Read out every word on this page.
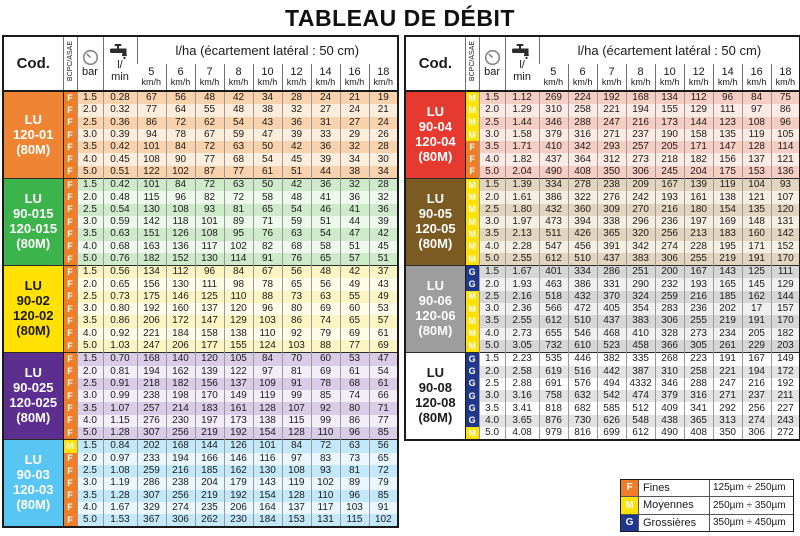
TABLEAU DE DÉBIT
Cod.	BCPC/ASAE	bar	l/
min	l/ha (écartement latéral : 50 cm)								

5
km/h

6
km/h

7
km/h

8
km/h

10
km/h

12
km/h

14
km/h

16
km/h

18
km/h

LU
120-01
(80M)	F	1.5	0.28	67	56	48	42	34	28	24	21	19
	F	2.0	0.32	77	64	55	48	38	32	27	24	21
	F	2.5	0.36	86	72	62	54	43	36	31	27	24
	F	3.0	0.39	94	78	67	59	47	39	33	29	26
	F	3.5	0.42	101	84	72	63	50	42	36	32	28
	F	4.0	0.45	108	90	77	68	54	45	39	34	30
	F	5.0	0.51	122	102	87	77	61	51	44	38	34
LU
90-015
120-015
(80M)	F	1.5	0.42	101	84	72	63	50	42	36	32	28
	F	2.0	0.48	115	96	82	72	58	48	41	36	32
	F	2.5	0.54	130	108	93	81	65	54	46	41	36
	F	3.0	0.59	142	118	101	89	71	59	51	44	39
	F	3.5	0.63	151	126	108	95	76	63	54	47	42
	F	4.0	0.68	163	136	117	102	82	68	58	51	45
	F	5.0	0.76	182	152	130	114	91	76	65	57	51
LU
90-02
120-02
(80M)	F	1.5	0.56	134	112	96	84	67	56	48	42	37
	F	2.0	0.65	156	130	111	98	78	65	56	49	43
	F	2.5	0.73	175	146	125	110	88	73	63	55	49
	F	3.0	0.80	192	160	137	120	96	80	69	60	53
	F	3.5	0.86	206	172	147	129	103	86	74	65	57
	F	4.0	0.92	221	184	158	138	110	92	79	69	61
	F	5.0	1.03	247	206	177	155	124	103	88	77	69
LU
90-025
120-025
(80M)	F	1.5	0.70	168	140	120	105	84	70	60	53	47
	F	2.0	0.81	194	162	139	122	97	81	69	61	54
	F	2.5	0.91	218	182	156	137	109	91	78	68	61
	F	3.0	0.99	238	198	170	149	119	99	85	74	66
	F	3.5	1.07	257	214	183	161	128	107	92	80	71
	F	4.0	1.15	276	230	197	173	138	115	99	86	77
	F	5.0	1.28	307	256	219	192	154	128	110	96	85
LU
90-03
120-03
(80M)	M	1.5	0.84	202	168	144	126	101	84	72	63	56
	F	2.0	0.97	233	194	166	146	116	97	83	73	65
	F	2.5	1.08	259	216	185	162	130	108	93	81	72
	F	3.0	1.19	286	238	204	179	143	119	102	89	79
	F	3.5	1.28	307	256	219	192	154	128	110	96	85
	F	4.0	1.67	329	274	235	206	164	137	117	103	91
	F	5.0	1.53	367	306	262	230	184	153	131	115	102
Cod.	BCPC/ASAE	bar	l/
min	l/ha (écartement latéral : 50 cm)								

5
km/h

6
km/h

7
km/h

8
km/h

10
km/h

12
km/h

14
km/h

16
km/h

18
km/h

LU
90-04
120-04
(80M)	M	1.5	1.12	269	224	192	168	134	112	96	84	75
	M	2.0	1.29	310	258	221	194	155	129	111	97	86
	M	2.5	1.44	346	288	247	216	173	144	123	108	96
	M	3.0	1.58	379	316	271	237	190	158	135	119	105
	F	3.5	1.71	410	342	293	257	205	171	147	128	114
	F	4.0	1.82	437	364	312	273	218	182	156	137	121
	F	5.0	2.04	490	408	350	306	245	204	175	153	136
LU
90-05
120-05
(80M)	M	1.5	1.39	334	278	238	209	167	139	119	104	93
	M	2.0	1.61	386	322	276	242	193	161	138	121	107
	M	2.5	1.80	432	360	309	270	216	180	154	135	120
	M	3.0	1.97	473	394	338	296	236	197	169	148	131
	M	3.5	2.13	511	426	365	320	256	213	183	160	142
	M	4.0	2.28	547	456	391	342	274	228	195	171	152
	M	5.0	2.55	612	510	437	383	306	255	219	191	170
LU
90-06
120-06
(80M)	G	1.5	1.67	401	334	286	251	200	167	143	125	111
	G	2.0	1.93	463	386	331	290	232	193	165	145	129
	M	2.5	2.16	518	432	370	324	259	216	185	162	144
	M	3.0	2.36	566	472	405	354	283	236	202	17	157
	M	3.5	2.55	612	510	437	383	306	255	219	191	170
	M	4.0	2.73	655	546	468	410	328	273	234	205	182
	M	5.0	3.05	732	610	523	458	366	305	261	229	203
LU
90-08
120-08
(80M)	G	1.5	2.23	535	446	382	335	268	223	191	167	149
	G	2.0	2.58	619	516	442	387	310	258	221	194	172
	G	2.5	2.88	691	576	494	4332	346	288	247	216	192
	G	3.0	3.16	758	632	542	474	379	316	271	237	211
	G	3.5	3.41	818	682	585	512	409	341	292	256	227
	G	4.0	3.65	876	730	626	548	438	365	313	274	243
	M	5.0	4.08	979	816	699	612	490	408	350	306	272
F Fines	125µm ÷ 250µm
M Moyennes	250µm ÷ 350µm
G Grossières	350µm ÷ 450µm
